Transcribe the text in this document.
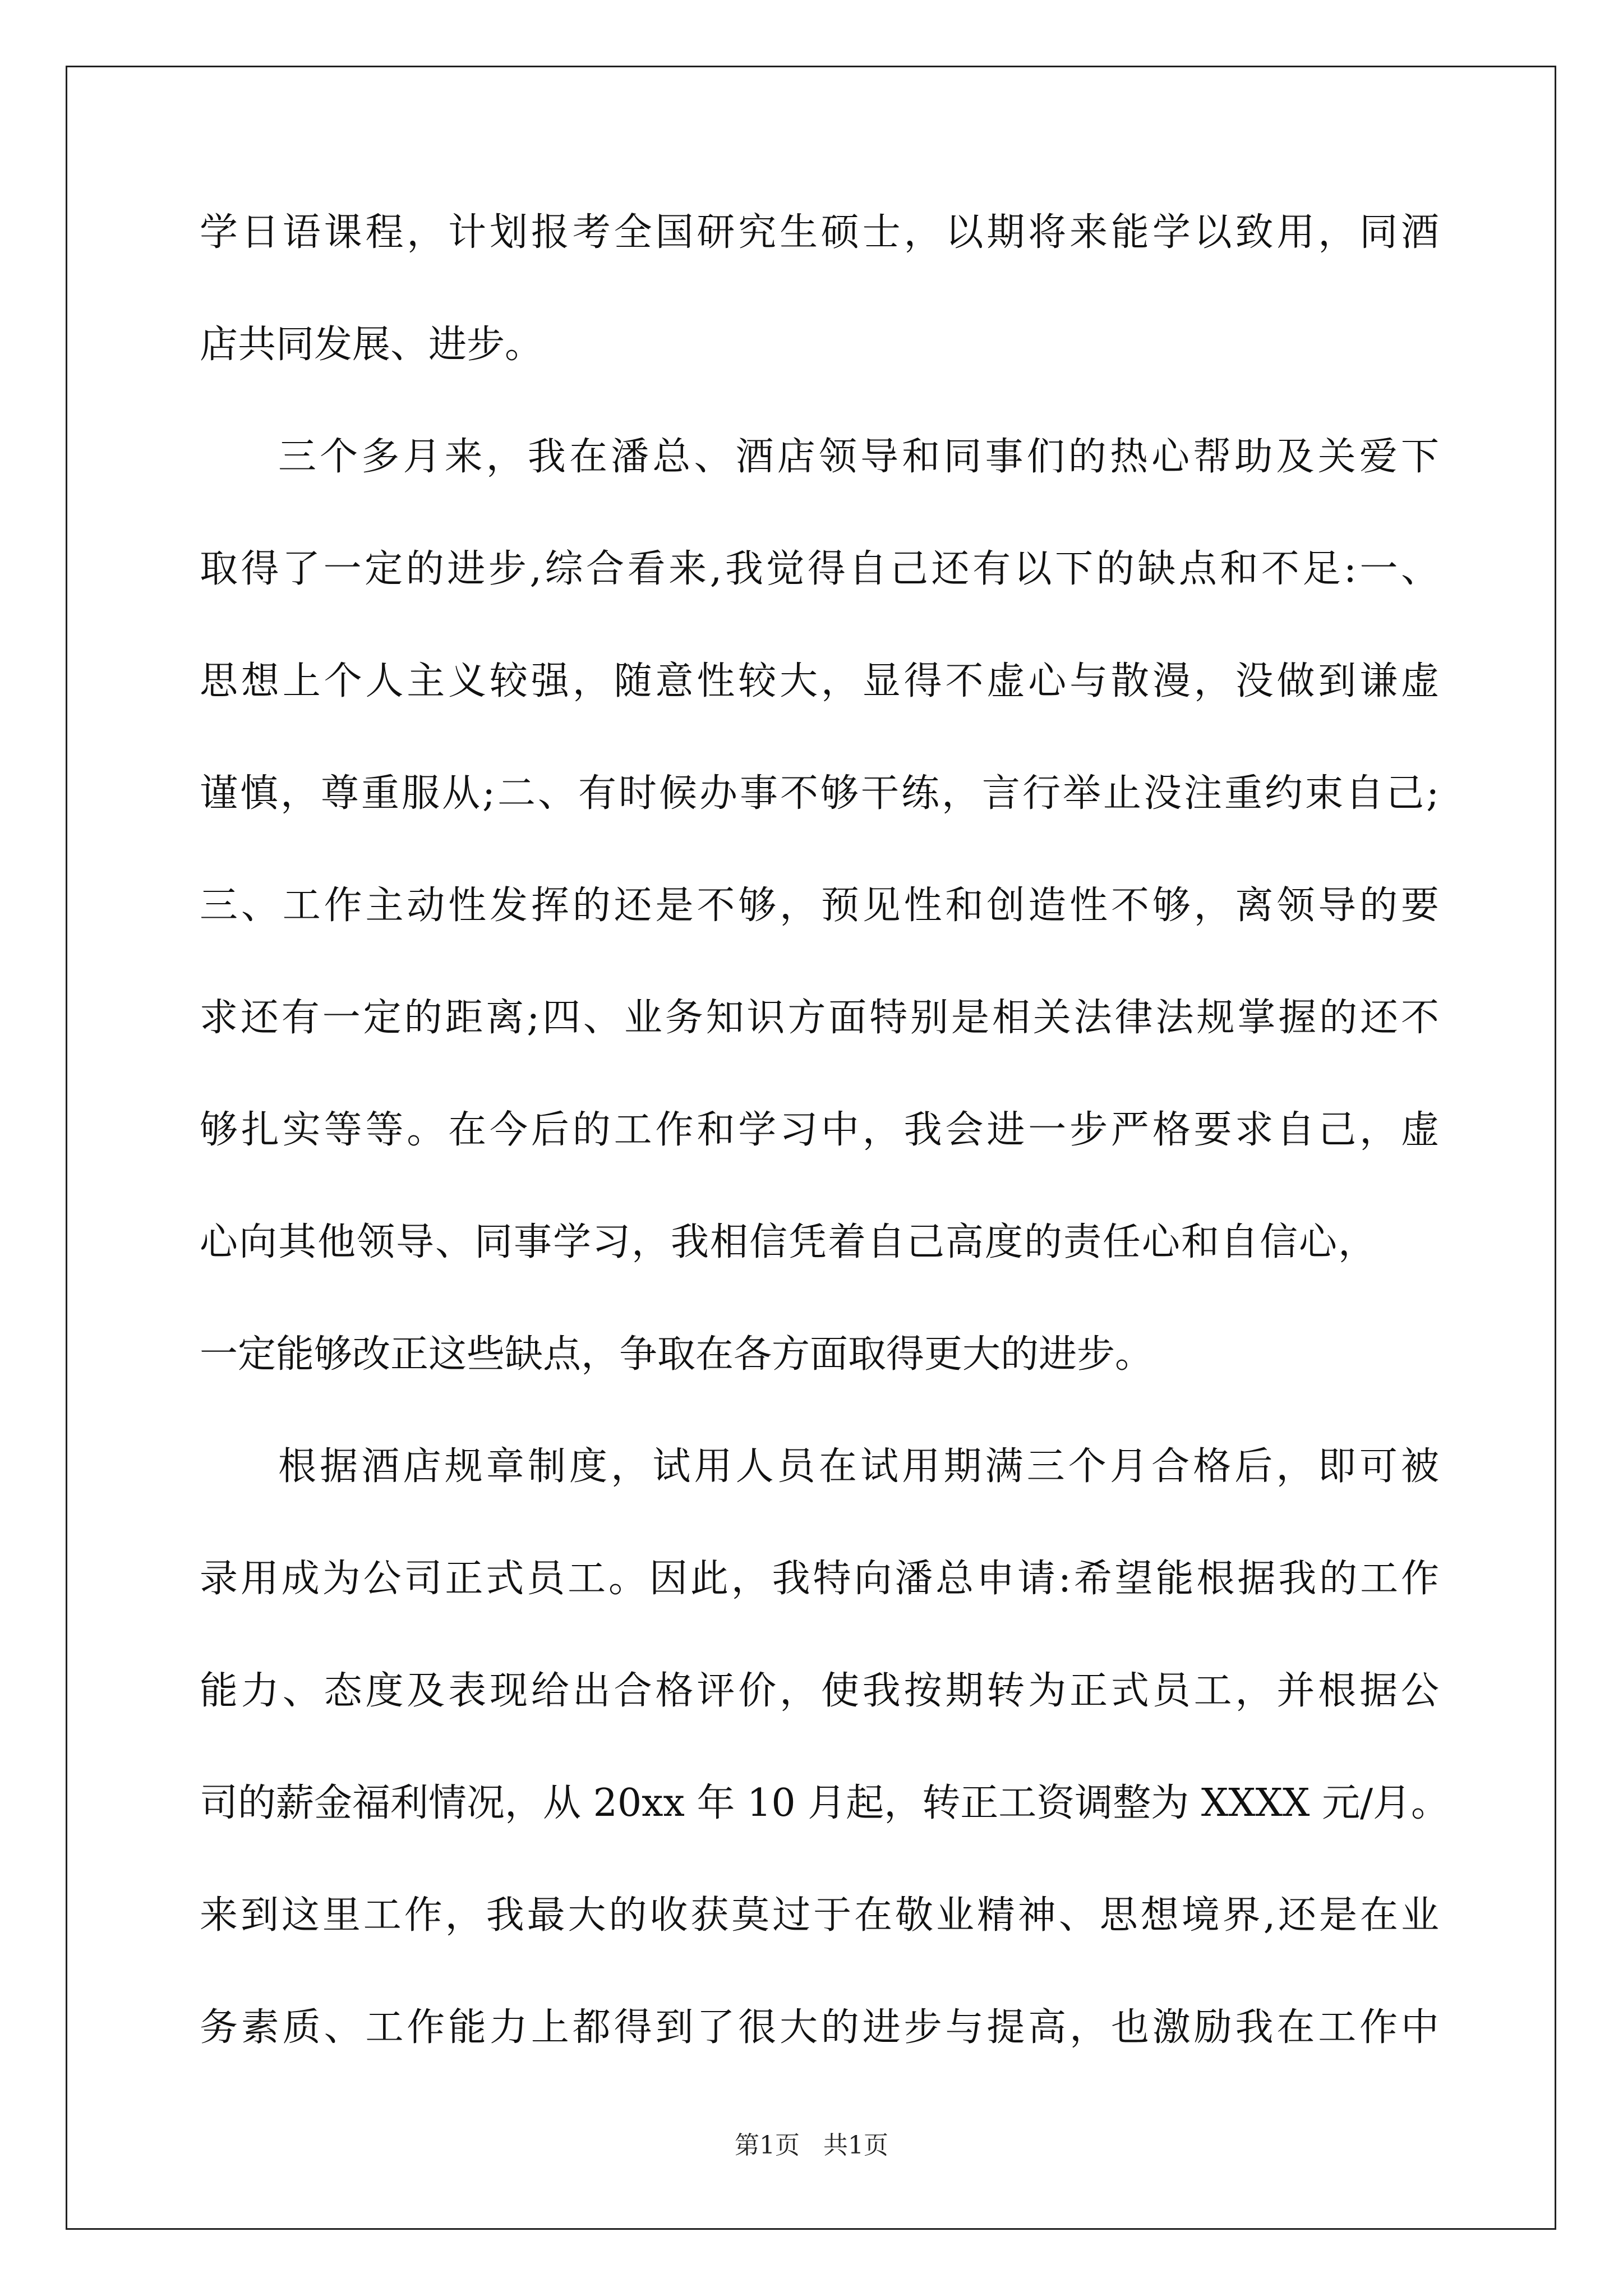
学日语课程，计划报考全国研究生硕士，以期将来能学以致用，同酒
店共同发展、进步。
三个多月来，我在潘总、酒店领导和同事们的热心帮助及关爱下
取得了一定的进步,综合看来,我觉得自己还有以下的缺点和不足:一、
思想上个人主义较强，随意性较大，显得不虚心与散漫，没做到谦虚
谨慎，尊重服从;二、有时候办事不够干练，言行举止没注重约束自己;
三、工作主动性发挥的还是不够，预见性和创造性不够，离领导的要
求还有一定的距离;四、业务知识方面特别是相关法律法规掌握的还不
够扎实等等。在今后的工作和学习中，我会进一步严格要求自己，虚
心向其他领导、同事学习，我相信凭着自己高度的责任心和自信心，
一定能够改正这些缺点，争取在各方面取得更大的进步。
根据酒店规章制度，试用人员在试用期满三个月合格后，即可被
录用成为公司正式员工。因此，我特向潘总申请:希望能根据我的工作
能力、态度及表现给出合格评价，使我按期转为正式员工，并根据公
司的薪金福利情况，从 20xx 年 10 月起，转正工资调整为 XXXX 元/月。
来到这里工作，我最大的收获莫过于在敬业精神、思想境界,还是在业
务素质、工作能力上都得到了很大的进步与提高，也激励我在工作中
第1页   共1页
